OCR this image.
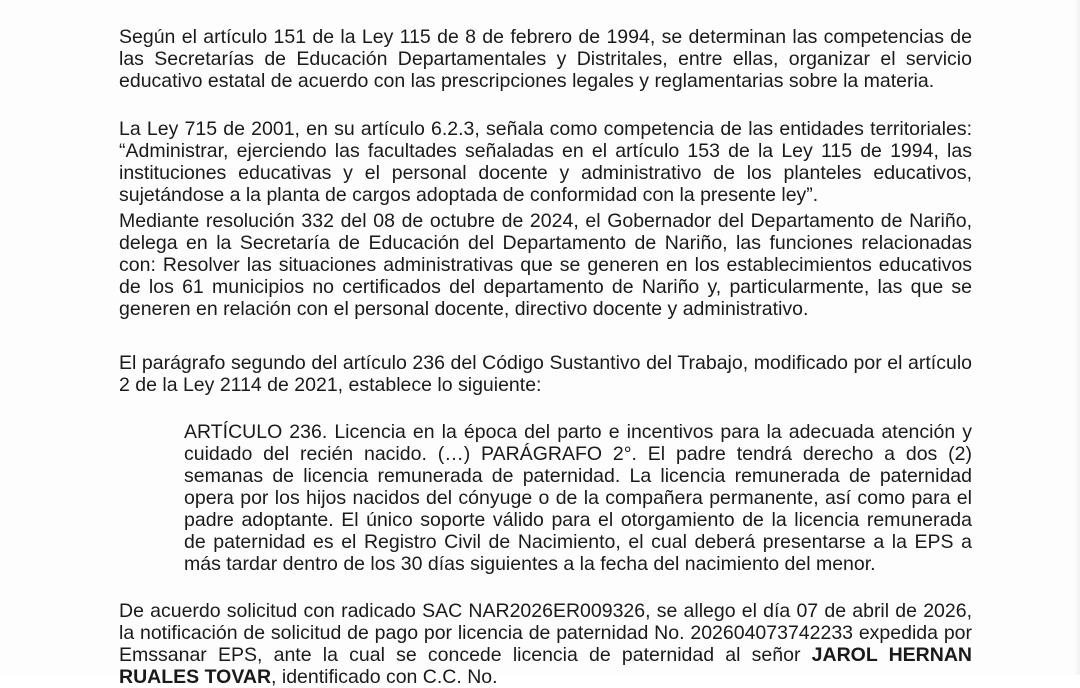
Según el artículo 151 de la Ley 115 de 8 de febrero de 1994, se determinan las competencias de las Secretarías de Educación Departamentales y Distritales, entre ellas, organizar el servicio educativo estatal de acuerdo con las prescripciones legales y reglamentarias sobre la materia.

La Ley 715 de 2001, en su artículo 6.2.3, señala como competencia de las entidades territoriales: “Administrar, ejerciendo las facultades señaladas en el artículo 153 de la Ley 115 de 1994, las instituciones educativas y el personal docente y administrativo de los planteles educativos, sujetándose a la planta de cargos adoptada de conformidad con la presente ley”.

Mediante resolución 332 del 08 de octubre de 2024, el Gobernador del Departamento de Nariño, delega en la Secretaría de Educación del Departamento de Nariño, las funciones relacionadas con: Resolver las situaciones administrativas que se generen en los establecimientos educativos de los 61 municipios no certificados del departamento de Nariño y, particularmente, las que se generen en relación con el personal docente, directivo docente y administrativo.

El parágrafo segundo del artículo 236 del Código Sustantivo del Trabajo, modificado por el artículo 2 de la Ley 2114 de 2021, establece lo siguiente:

ARTÍCULO 236. Licencia en la época del parto e incentivos para la adecuada atención y cuidado del recién nacido. (…) PARÁGRAFO 2°. El padre tendrá derecho a dos (2) semanas de licencia remunerada de paternidad. La licencia remunerada de paternidad opera por los hijos nacidos del cónyuge o de la compañera permanente, así como para el padre adoptante. El único soporte válido para el otorgamiento de la licencia remunerada de paternidad es el Registro Civil de Nacimiento, el cual deberá presentarse a la EPS a más tardar dentro de los 30 días siguientes a la fecha del nacimiento del menor.

De acuerdo solicitud con radicado SAC NAR2026ER009326, se allego el día 07 de abril de 2026, la notificación de solicitud de pago por licencia de paternidad No. 202604073742233 expedida por Emssanar EPS, ante la cual se concede licencia de paternidad al señor JAROL HERNAN RUALES TOVAR, identificado con C.C. No.
